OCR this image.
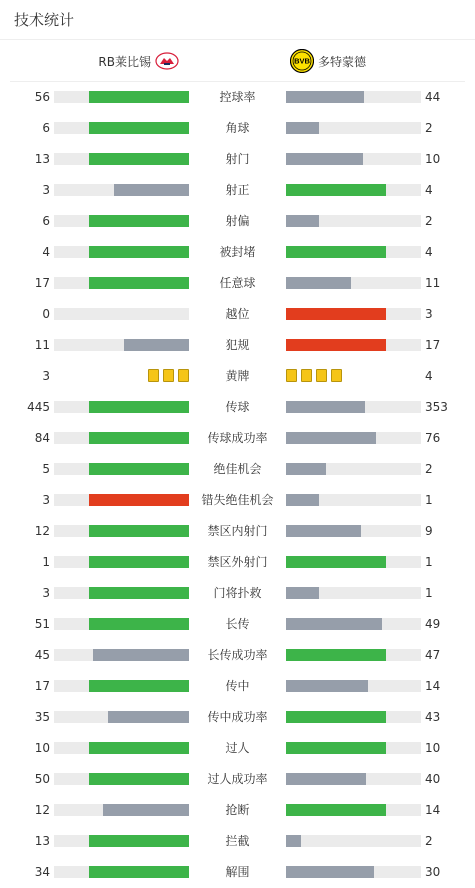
技术统计
RB莱比锡	BVB 多特蒙德
56	控球率	44
6	角球	2
13	射门	10
3	射正	4
6	射偏	2
4	被封堵	4
17	任意球	11
0	越位	3
11	犯规	17
3	黄牌	4
445	传球	353
84	传球成功率	76
5	绝佳机会	2
3	错失绝佳机会	1
12	禁区内射门	9
1	禁区外射门	1
3	门将扑救	1
51	长传	49
45	长传成功率	47
17	传中	14
35	传中成功率	43
10	过人	10
50	过人成功率	40
12	抢断	14
13	拦截	2
34	解围	30
